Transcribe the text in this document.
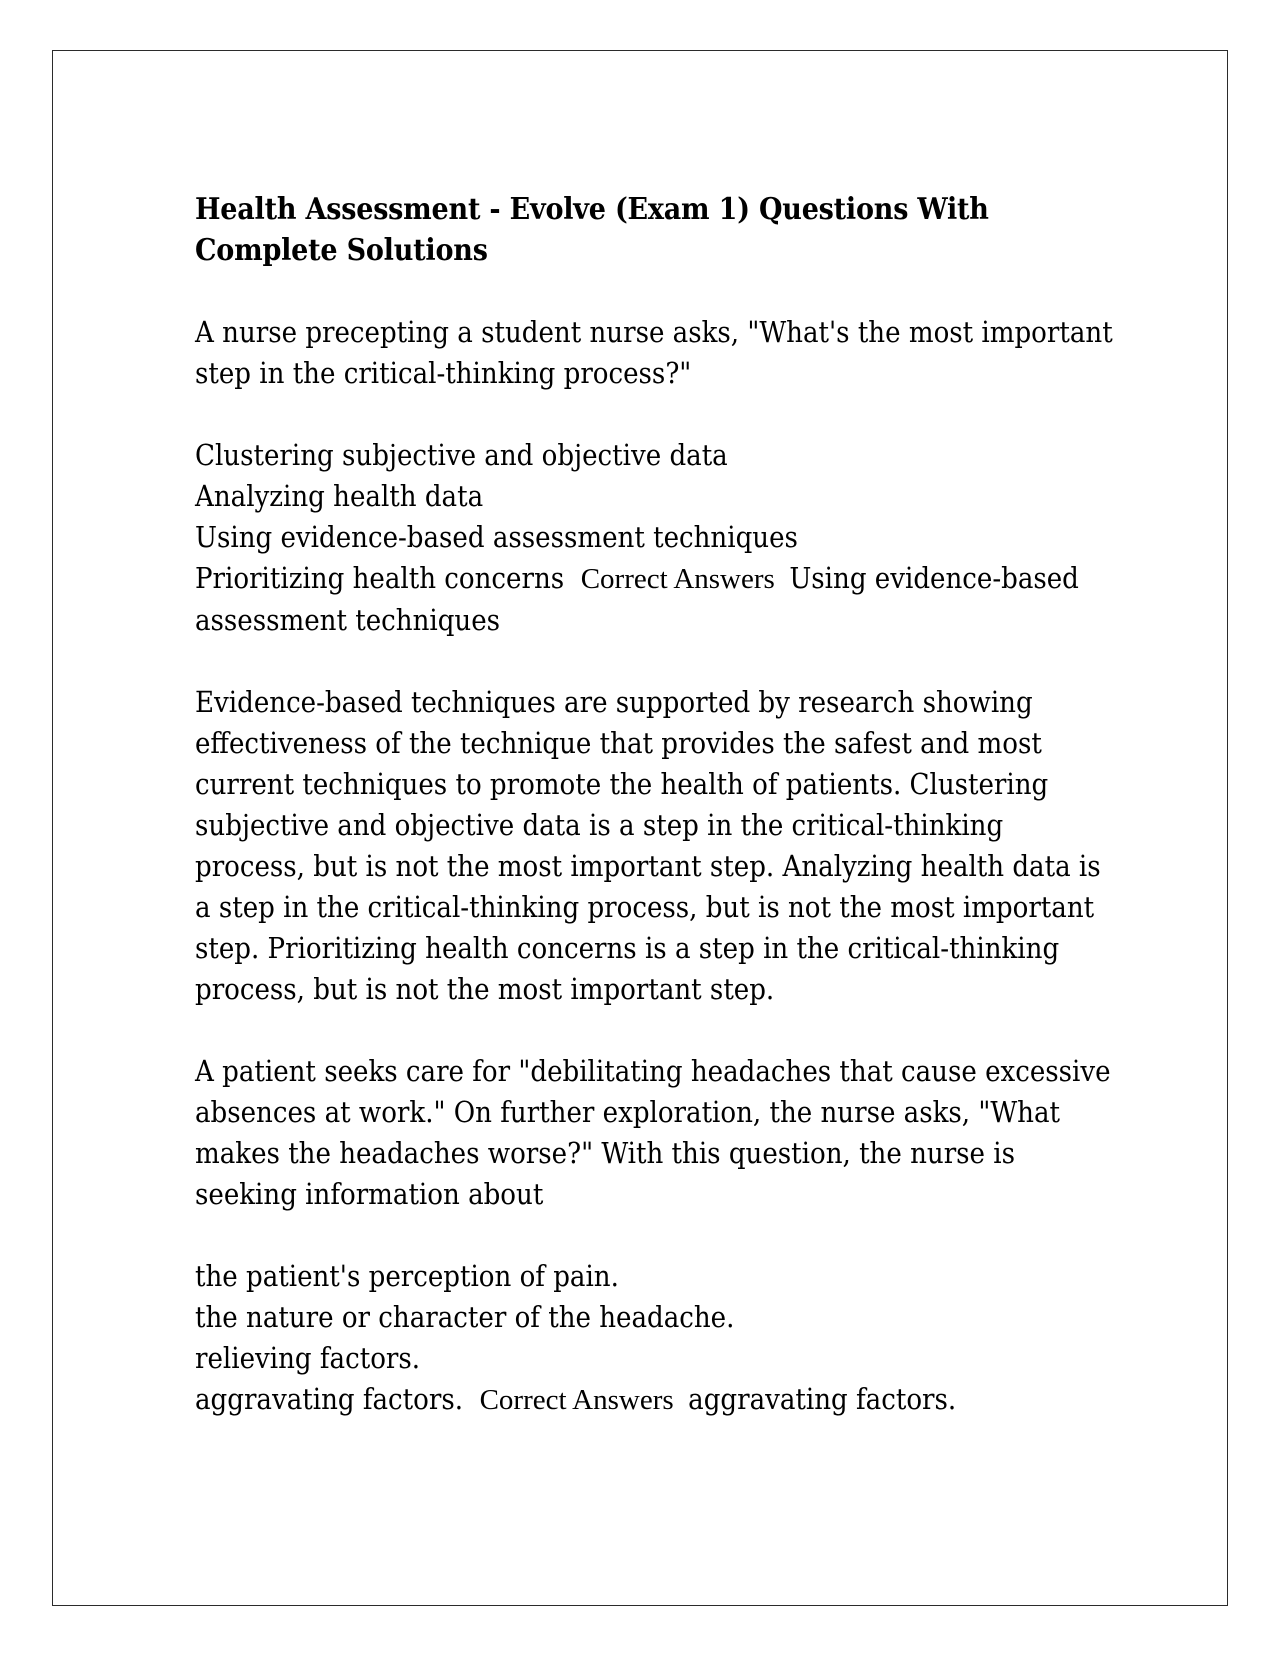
Health Assessment - Evolve (Exam 1) Questions With Complete Solutions

A nurse precepting a student nurse asks, "What's the most important step in the critical-thinking process?"

Clustering subjective and objective data

Analyzing health data

Using evidence-based assessment techniques

Prioritizing health concerns Correct Answers Using evidence-based assessment techniques

Evidence-based techniques are supported by research showing effectiveness of the technique that provides the safest and most current techniques to promote the health of patients. Clustering subjective and objective data is a step in the critical-thinking process, but is not the most important step. Analyzing health data is a step in the critical-thinking process, but is not the most important step. Prioritizing health concerns is a step in the critical-thinking process, but is not the most important step.

A patient seeks care for "debilitating headaches that cause excessive absences at work." On further exploration, the nurse asks, "What makes the headaches worse?" With this question, the nurse is seeking information about

the patient's perception of pain.

the nature or character of the headache.

relieving factors.

aggravating factors. Correct Answers aggravating factors.
